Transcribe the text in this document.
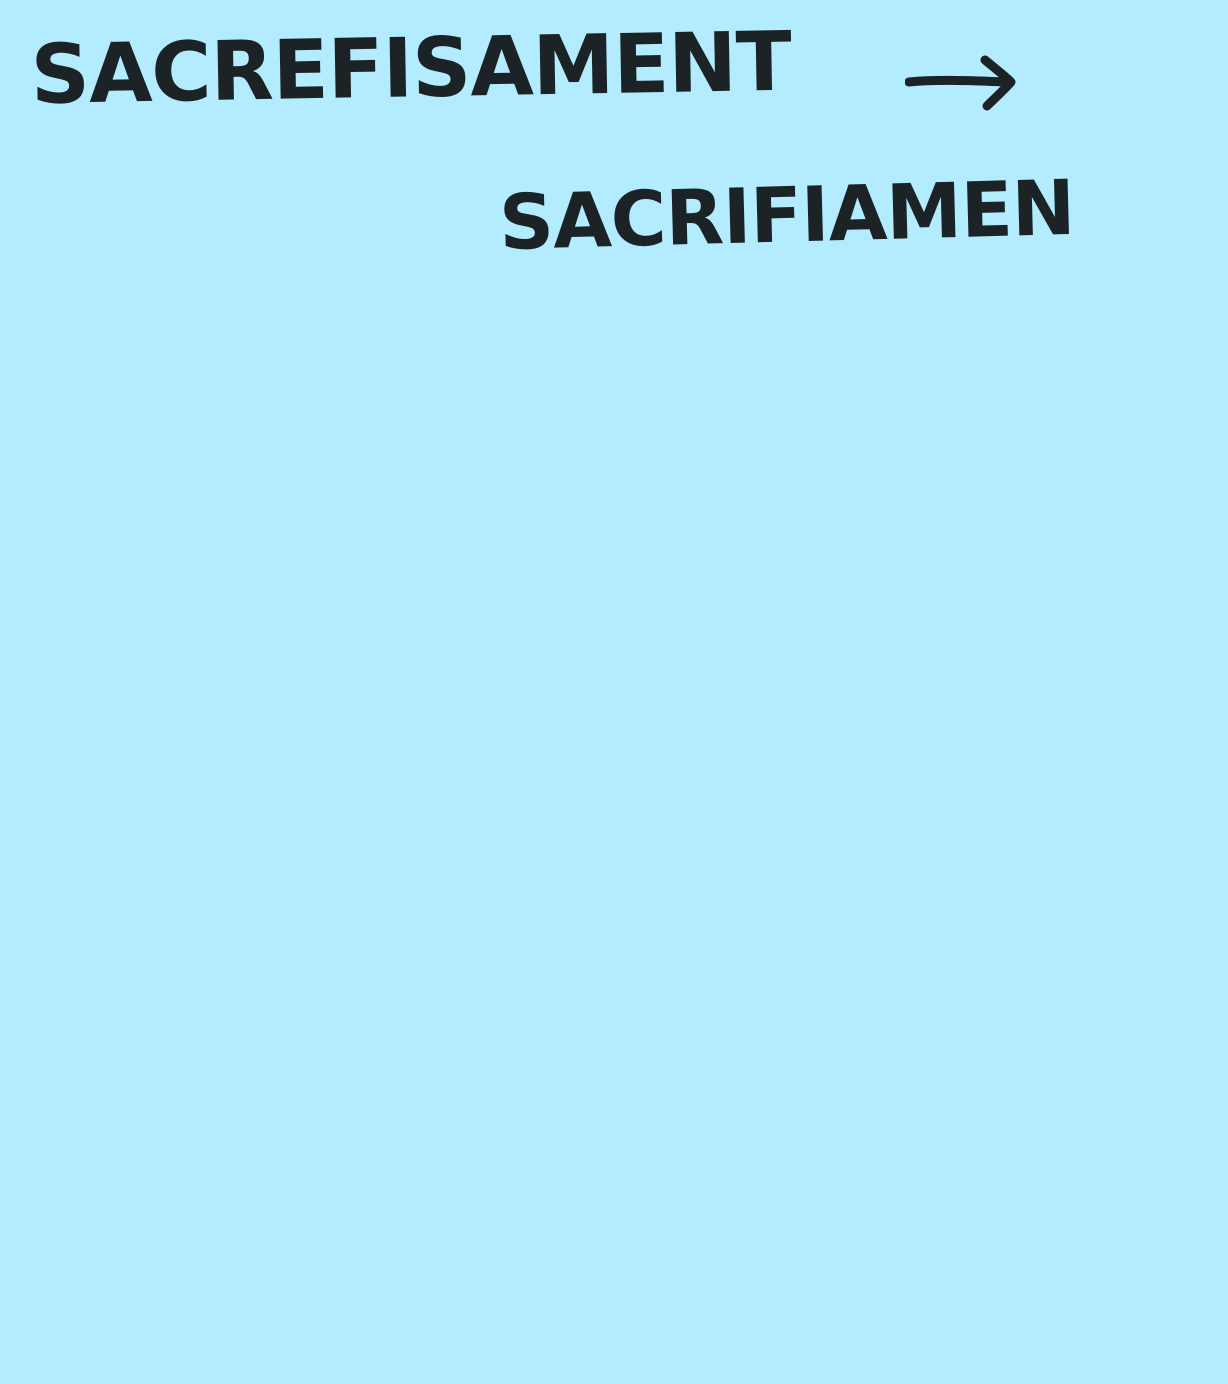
SACREFISAMENT
SACRIFIAMEN
